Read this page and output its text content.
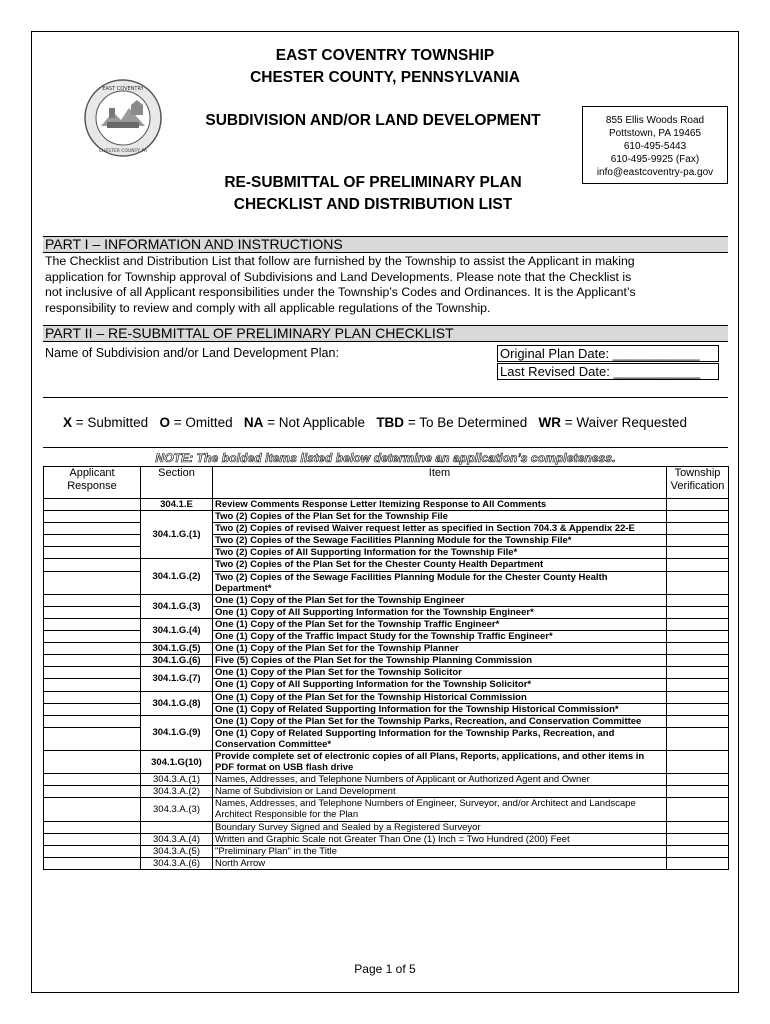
EAST COVENTRY
CHESTER COUNTY PA
EAST COVENTRY TOWNSHIP
CHESTER COUNTY, PENNSYLVANIA
SUBDIVISION AND/OR LAND DEVELOPMENT
RE-SUBMITTAL OF PRELIMINARY PLAN
CHECKLIST AND DISTRIBUTION LIST
855 Ellis Woods Road
Pottstown, PA 19465
610-495-5443
610-495-9925 (Fax)
info@eastcoventry-pa.gov
PART I – INFORMATION AND INSTRUCTIONS
The Checklist and Distribution List that follow are furnished by the Township to assist the Applicant in making
application for Township approval of Subdivisions and Land Developments. Please note that the Checklist is
not inclusive of all Applicant responsibilities under the Township’s Codes and Ordinances. It is the Applicant’s
responsibility to review and comply with all applicable regulations of the Township.
PART II – RE-SUBMITTAL OF PRELIMINARY PLAN CHECKLIST
Name of Subdivision and/or Land Development Plan:	Original Plan Date: ____________
Last Revised Date: ____________
X = Submitted   O = Omitted   NA = Not Applicable   TBD = To Be Determined   WR = Waiver Requested
NOTE: The bolded items listed below determine an application’s completeness.
Applicant Response	Section	Item	Township Verification
	304.1.E	Review Comments Response Letter Itemizing Response to All Comments	
	304.1.G.(1)	Two (2) Copies of the Plan Set for the Township File	
		Two (2) Copies of revised Waiver request letter as specified in Section 704.3 & Appendix 22-E	
		Two (2) Copies of the Sewage Facilities Planning Module for the Township File*	
		Two (2) Copies of All Supporting Information for the Township File*	
	304.1.G.(2)	Two (2) Copies of the Plan Set for the Chester County Health Department	
		Two (2) Copies of the Sewage Facilities Planning Module for the Chester County Health Department*	
	304.1.G.(3)	One (1) Copy of the Plan Set for the Township Engineer	
		One (1) Copy of All Supporting Information for the Township Engineer*	
	304.1.G.(4)	One (1) Copy of the Plan Set for the Township Traffic Engineer*	
		One (1) Copy of the Traffic Impact Study for the Township Traffic Engineer*	
	304.1.G.(5)	One (1) Copy of the Plan Set for the Township Planner	
	304.1.G.(6)	Five (5) Copies of the Plan Set for the Township Planning Commission	
	304.1.G.(7)	One (1) Copy of the Plan Set for the Township Solicitor	
		One (1) Copy of All Supporting Information for the Township Solicitor*	
	304.1.G.(8)	One (1) Copy of the Plan Set for the Township Historical Commission	
		One (1) Copy of Related Supporting Information for the Township Historical Commission*	
	304.1.G.(9)	One (1) Copy of the Plan Set for the Township Parks, Recreation, and Conservation Committee	
		One (1) Copy of Related Supporting Information for the Township Parks, Recreation, and Conservation Committee*	
	304.1.G(10)	Provide complete set of electronic copies of all Plans, Reports, applications, and other items in PDF format on USB flash drive	
	304.3.A.(1)	Names, Addresses, and Telephone Numbers of Applicant or Authorized Agent and Owner	
	304.3.A.(2)	Name of Subdivision or Land Development	
	304.3.A.(3)	Names, Addresses, and Telephone Numbers of Engineer, Surveyor, and/or Architect and Landscape Architect Responsible for the Plan	
		Boundary Survey Signed and Sealed by a Registered Surveyor	
	304.3.A.(4)	Written and Graphic Scale not Greater Than One (1) Inch = Two Hundred (200) Feet	
	304.3.A.(5)	"Preliminary Plan" in the Title	
	304.3.A.(6)	North Arrow	
Page 1 of 5
